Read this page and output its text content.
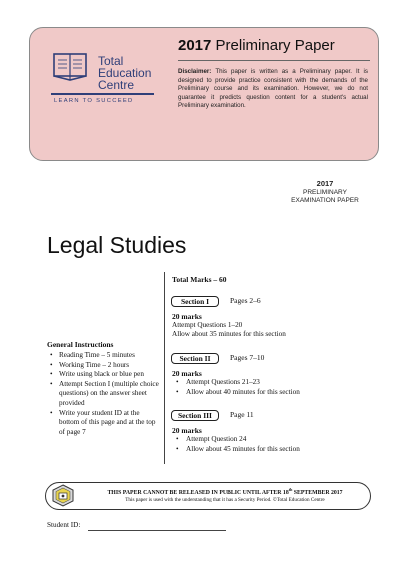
Total
Education
Centre
LEARN TO SUCCEED
2017 Preliminary Paper
Disclaimer: This paper is written as a Preliminary paper. It is designed to provide practice consistent with the demands of the Preliminary course and its examination. However, we do not guarantee it predicts question content for a student's actual Preliminary examination.
2017
PRELIMINARY
EXAMINATION PAPER
Legal Studies
General Instructions
• Reading Time – 5 minutes
• Working Time – 2 hours
• Write using black or blue pen
• Attempt Section I (multiple choice questions) on the answer sheet provided
• Write your student ID at the bottom of this page and at the top of page 7
Total Marks – 60
Section I	Pages 2–6
20 marks
Attempt Questions 1–20
Allow about 35 minutes for this section
Section II	Pages 7–10
20 marks
• Attempt Questions 21–23
• Allow about 40 minutes for this section
Section III	Page 11
20 marks
• Attempt Question 24
• Allow about 45 minutes for this section
THIS PAPER CANNOT BE RELEASED IN PUBLIC UNTIL AFTER 18th SEPTEMBER 2017
This paper is used with the understanding that it has a Security Period. ©Total Education Centre
Student ID:
